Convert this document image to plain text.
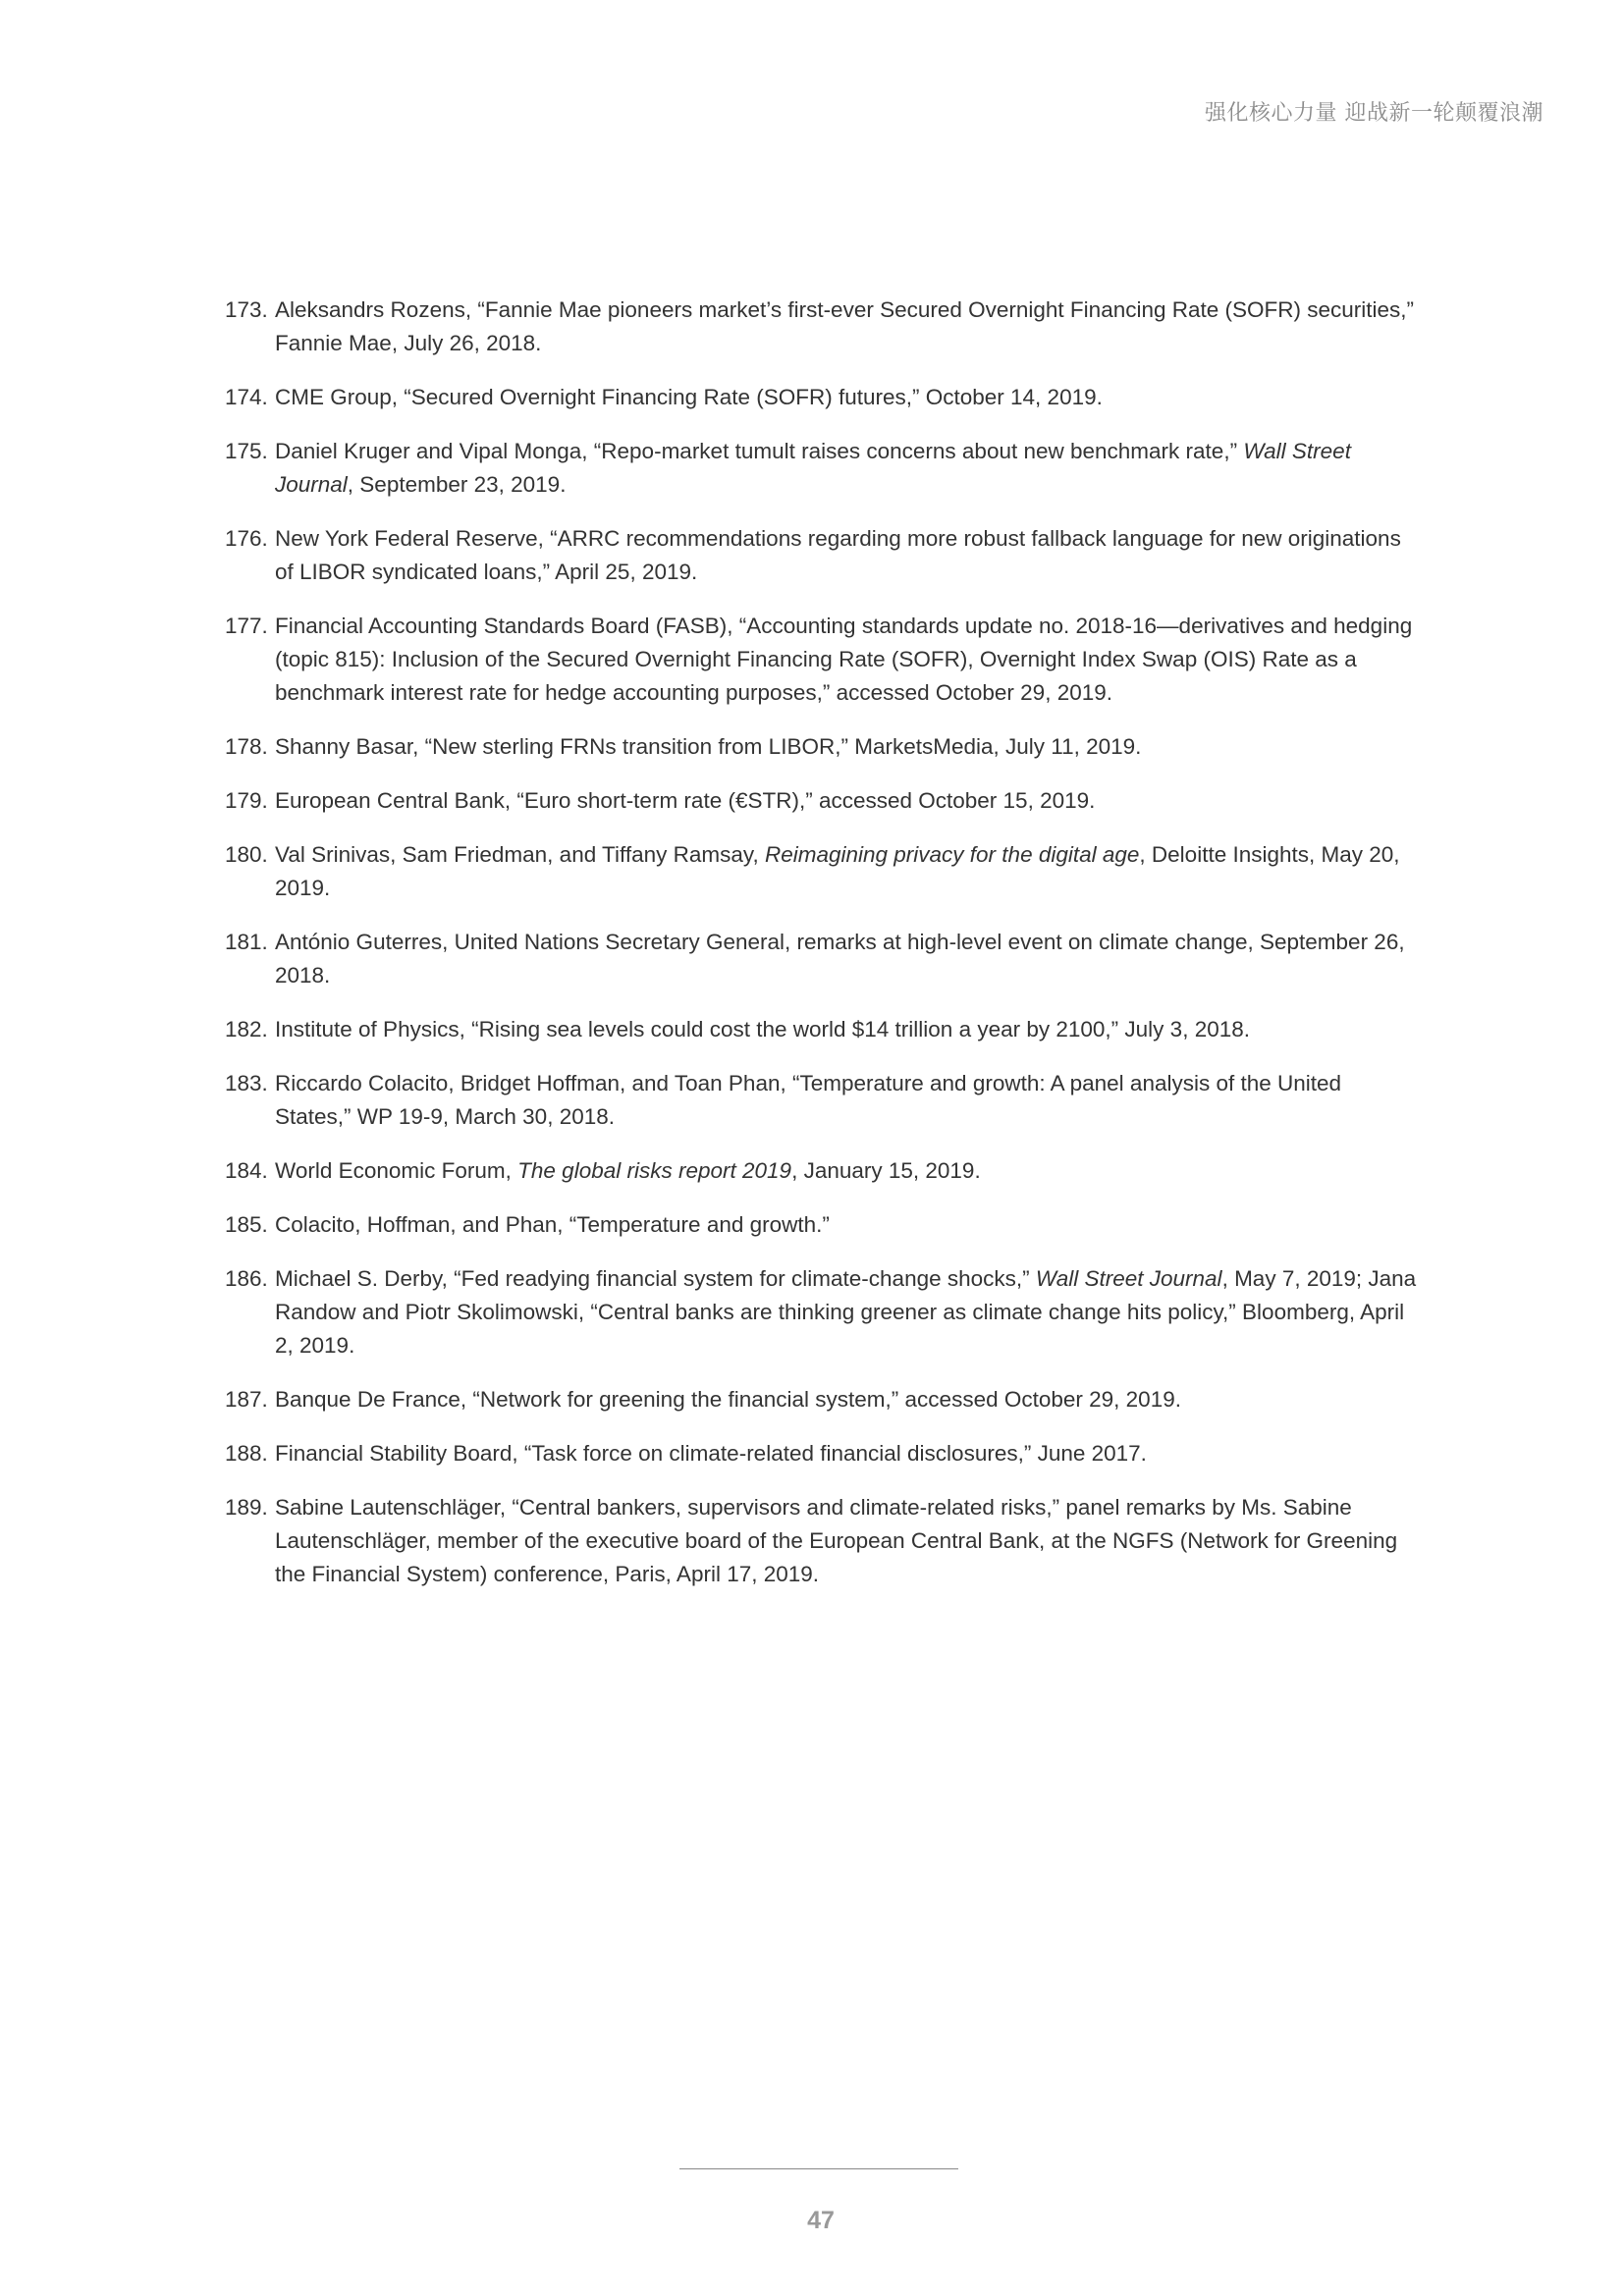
强化核心力量 迎战新一轮颠覆浪潮
173. Aleksandrs Rozens, “Fannie Mae pioneers market’s first-ever Secured Overnight Financing Rate (SOFR) securities,” Fannie Mae, July 26, 2018.
174. CME Group, “Secured Overnight Financing Rate (SOFR) futures,” October 14, 2019.
175. Daniel Kruger and Vipal Monga, “Repo-market tumult raises concerns about new benchmark rate,” Wall Street Journal, September 23, 2019.
176. New York Federal Reserve, “ARRC recommendations regarding more robust fallback language for new originations of LIBOR syndicated loans,” April 25, 2019.
177. Financial Accounting Standards Board (FASB), “Accounting standards update no. 2018-16—derivatives and hedging (topic 815): Inclusion of the Secured Overnight Financing Rate (SOFR), Overnight Index Swap (OIS) Rate as a benchmark interest rate for hedge accounting purposes,” accessed October 29, 2019.
178. Shanny Basar, “New sterling FRNs transition from LIBOR,” MarketsMedia, July 11, 2019.
179. European Central Bank, “Euro short-term rate (€STR),” accessed October 15, 2019.
180. Val Srinivas, Sam Friedman, and Tiffany Ramsay, Reimagining privacy for the digital age, Deloitte Insights, May 20, 2019.
181. António Guterres, United Nations Secretary General, remarks at high-level event on climate change, September 26, 2018.
182. Institute of Physics, “Rising sea levels could cost the world $14 trillion a year by 2100,” July 3, 2018.
183. Riccardo Colacito, Bridget Hoffman, and Toan Phan, “Temperature and growth: A panel analysis of the United States,” WP 19-9, March 30, 2018.
184. World Economic Forum, The global risks report 2019, January 15, 2019.
185. Colacito, Hoffman, and Phan, “Temperature and growth.”
186. Michael S. Derby, “Fed readying financial system for climate-change shocks,” Wall Street Journal, May 7, 2019; Jana Randow and Piotr Skolimowski, “Central banks are thinking greener as climate change hits policy,” Bloomberg, April 2, 2019.
187. Banque De France, “Network for greening the financial system,” accessed October 29, 2019.
188. Financial Stability Board, “Task force on climate-related financial disclosures,” June 2017.
189. Sabine Lautenschläger, “Central bankers, supervisors and climate-related risks,” panel remarks by Ms. Sabine Lautenschläger, member of the executive board of the European Central Bank, at the NGFS (Network for Greening the Financial System) conference, Paris, April 17, 2019.
47
